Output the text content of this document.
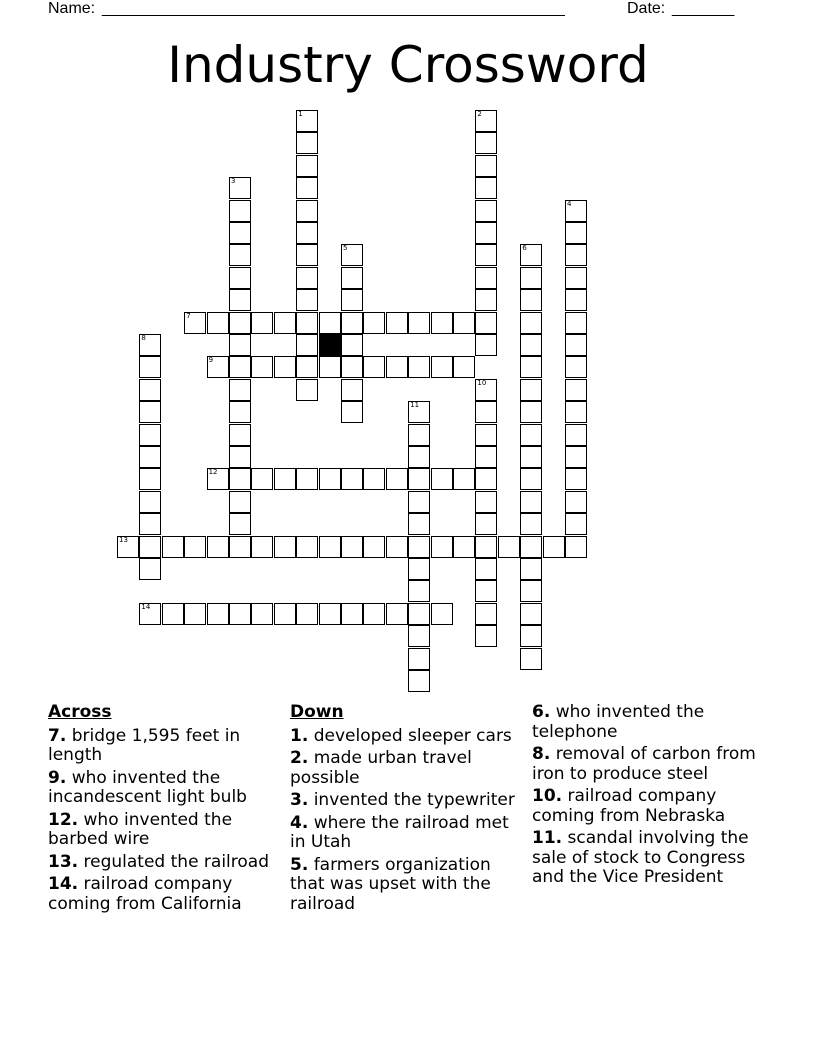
Name: ____________________________________________________	Date: _______
Industry Crossword
1	2
3
4
5	6
7
8
9
10
11
12
13
14
Across
7. bridge 1,595 feet in length
9. who invented the incandescent light bulb
12. who invented the barbed wire
13. regulated the railroad
14. railroad company coming from California
Down
1. developed sleeper cars
2. made urban travel possible
3. invented the typewriter
4. where the railroad met in Utah
5. farmers organization that was upset with the railroad
6. who invented the telephone
8. removal of carbon from iron to produce steel
10. railroad company coming from Nebraska
11. scandal involving the sale of stock to Congress and the Vice President
